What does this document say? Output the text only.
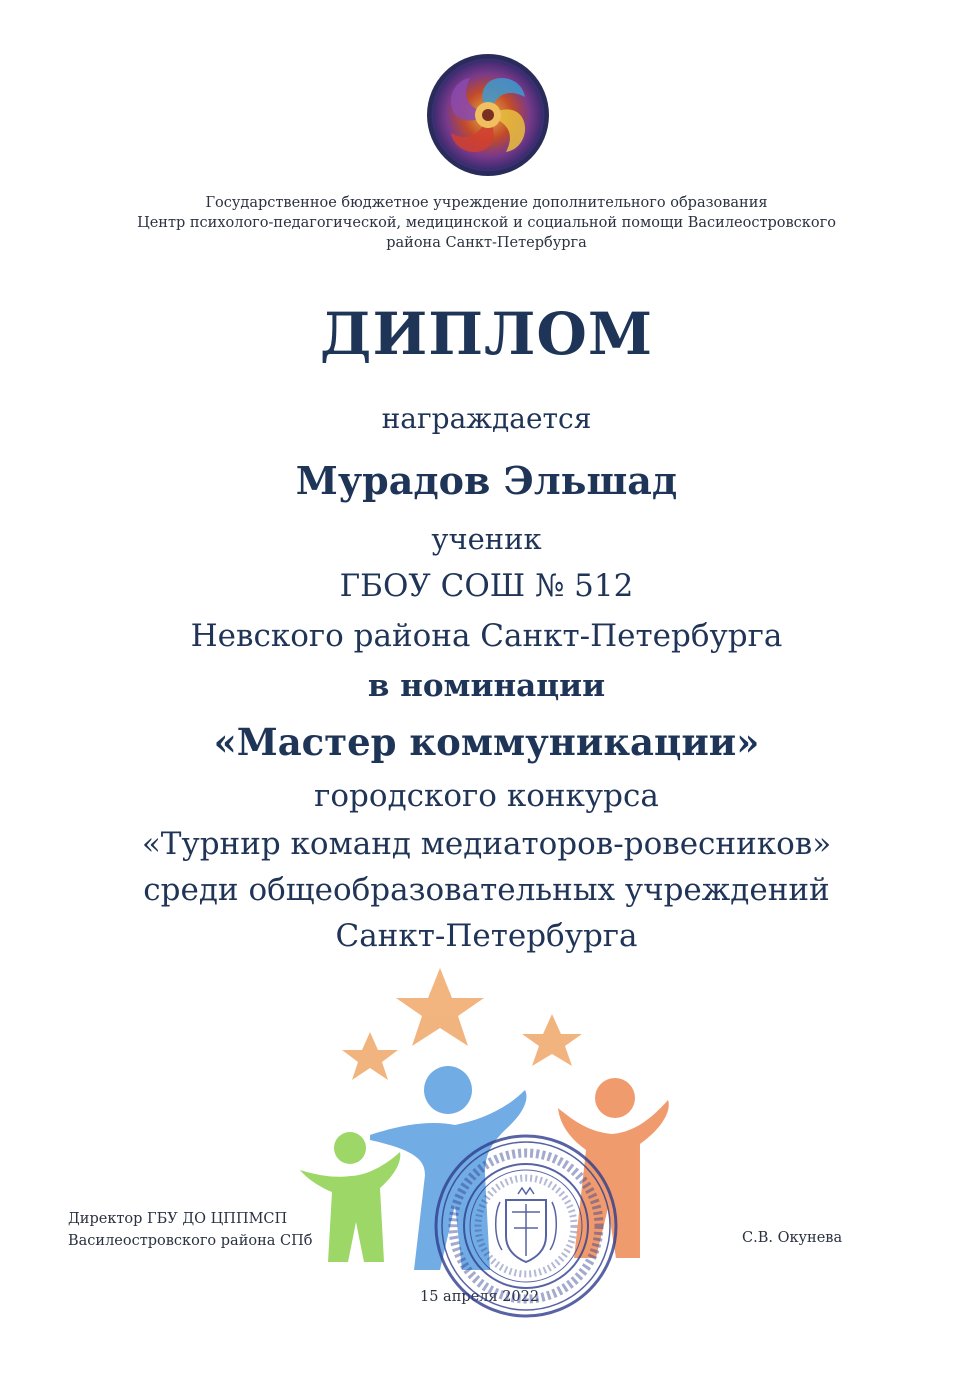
Государственное бюджетное учреждение дополнительного образования
Центр психолого-педагогической, медицинской и социальной помощи Василеостровского
района Санкт-Петербурга
ДИПЛОМ
награждается
Мурадов Эльшад
ученик
ГБОУ СОШ № 512
Невского района Санкт-Петербурга
в номинации
«Мастер коммуникации»
городского конкурса
«Турнир команд медиаторов-ровесников»
среди общеобразовательных учреждений
Санкт-Петербурга
Директор ГБУ ДО ЦППМСП
Василеостровского района СПб	С.В. Окунева
15 апреля 2022
